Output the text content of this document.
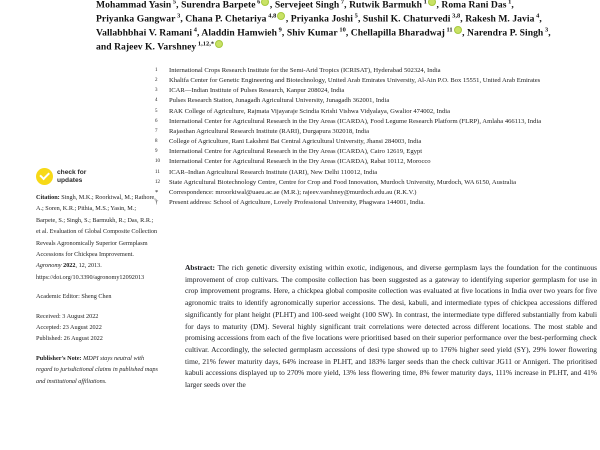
Mohammad Yasin $^5$, Surendra Barpete $^6$ , Servejeet Singh $^7$, Rutwik Barmukh $^1$ , Roma Rani Das $^1$,
Priyanka Gangwar $^3$, Chana P. Chetariya $^{4,8}$ , Priyanka Joshi $^5$, Sushil K. Chaturvedi $^{3,8}$, Rakesh M. Javia $^4$,
Vallabhbhai V. Ramani $^4$, Aladdin Hamwieh $^9$, Shiv Kumar $^{10}$, Chellapilla Bharadwaj $^{11}$ , Narendra P. Singh $^3$,
and Rajeev K. Varshney $^{1,12,*}$
1	International Crops Research Institute for the Semi-Arid Tropics (ICRISAT), Hyderabad 502324, India
2	Khalifa Center for Genetic Engineering and Biotechnology, United Arab Emirates University, Al-Ain P.O. Box 15551, United Arab Emirates
3	ICAR—Indian Institute of Pulses Research, Kanpur 208024, India
4	Pulses Research Station, Junagadh Agricultural University, Junagadh 362001, India
5	RAK College of Agriculture, Rajmata Vijayaraje Scindia Krishi Vishwa Vidyalaya, Gwalior 474002, India
6	International Center for Agricultural Research in the Dry Areas (ICARDA), Food Legume Research Platform (FLRP), Amlaha 466113, India
7	Rajasthan Agricultural Research Institute (RARI), Durgapura 302018, India
8	College of Agriculture, Rani Lakshmi Bai Central Agricultural University, Jhansi 284003, India
9	International Centre for Agricultural Research in the Dry Areas (ICARDA), Cairo 12619, Egypt
10	International Center for Agricultural Research in the Dry Areas (ICARDA), Rabat 10112, Morocco
11	ICAR–Indian Agricultural Research Institute (IARI), New Delhi 110012, India
12	State Agricultural Biotechnology Centre, Centre for Crop and Food Innovation, Murdoch University, Murdoch, WA 6150, Australia
*	Correspondence: mroorkiwal@uaeu.ac.ae (M.R.); rajeev.varshney@murdoch.edu.au (R.K.V.)
†	Present address: School of Agriculture, Lovely Professional University, Phagwara 144001, India.
check for
updates

Citation: Singh, M.K.; Roorkiwal, M.; Rathore, A.; Soren, K.R.; Pithia, M.S.; Yasin, M.; Barpete, S.; Singh, S.; Barmukh, R.; Das, R.R.; et al. Evaluation of Global Composite Collection Reveals Agronomically Superior Germplasm Accessions for Chickpea Improvement. Agronomy 2022, 12, 2013. https://doi.org/10.3390/agronomy12092013

Academic Editor: Sheng Chen

Received: 3 August 2022
Accepted: 23 August 2022
Published: 26 August 2022

Publisher's Note: MDPI stays neutral with regard to jurisdictional claims in published maps and institutional affiliations.

Abstract: The rich genetic diversity existing within exotic, indigenous, and diverse germplasm lays the foundation for the continuous improvement of crop cultivars. The composite collection has been suggested as a gateway to identifying superior germplasm for use in crop improvement programs. Here, a chickpea global composite collection was evaluated at five locations in India over two years for five agronomic traits to identify agronomically superior accessions. The desi, kabuli, and intermediate types of chickpea accessions differed significantly for plant height (PLHT) and 100-seed weight (100 SW). In contrast, the intermediate type differed substantially from kabuli for days to maturity (DM). Several highly significant trait correlations were detected across different locations. The most stable and promising accessions from each of the five locations were prioritised based on their superior performance over the best-performing check cultivar. Accordingly, the selected germplasm accessions of desi type showed up to 176% higher seed yield (SY), 29% lower flowering time, 21% fewer maturity days, 64% increase in PLHT, and 183% larger seeds than the check cultivar JG11 or Annigeri. The prioritised kabuli accessions displayed up to 270% more yield, 13% less flowering time, 8% fewer maturity days, 111% increase in PLHT, and 41% larger seeds over the
